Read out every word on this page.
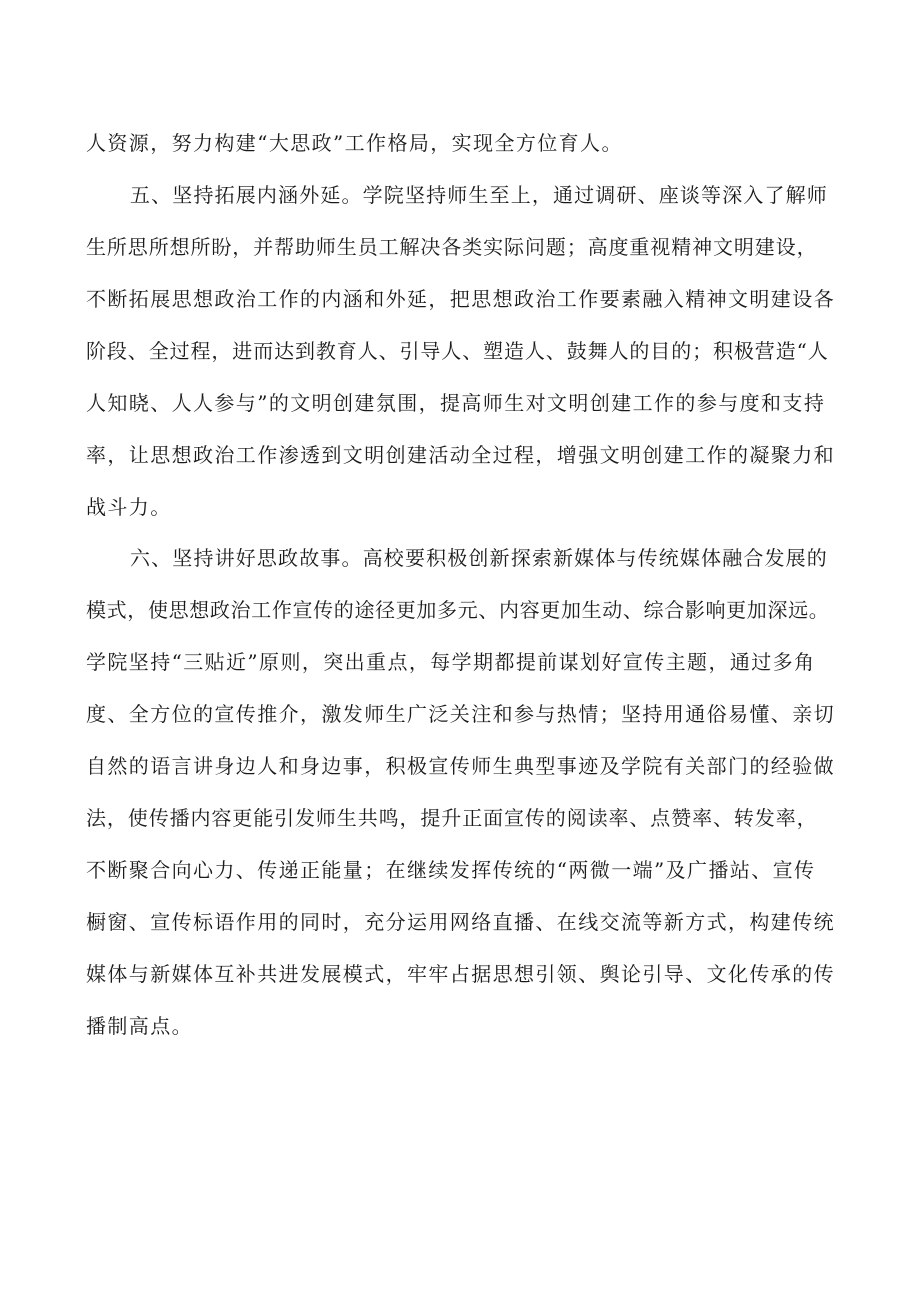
人资源，努力构建“大思政”工作格局，实现全方位育人。
五、坚持拓展内涵外延。学院坚持师生至上，通过调研、座谈等深入了解师
生所思所想所盼，并帮助师生员工解决各类实际问题；高度重视精神文明建设，
不断拓展思想政治工作的内涵和外延，把思想政治工作要素融入精神文明建设各
阶段、全过程，进而达到教育人、引导人、塑造人、鼓舞人的目的；积极营造“人
人知晓、人人参与”的文明创建氛围，提高师生对文明创建工作的参与度和支持
率，让思想政治工作渗透到文明创建活动全过程，增强文明创建工作的凝聚力和
战斗力。
六、坚持讲好思政故事。高校要积极创新探索新媒体与传统媒体融合发展的
模式，使思想政治工作宣传的途径更加多元、内容更加生动、综合影响更加深远。
学院坚持“三贴近”原则，突出重点，每学期都提前谋划好宣传主题，通过多角
度、全方位的宣传推介，激发师生广泛关注和参与热情；坚持用通俗易懂、亲切
自然的语言讲身边人和身边事，积极宣传师生典型事迹及学院有关部门的经验做
法，使传播内容更能引发师生共鸣，提升正面宣传的阅读率、点赞率、转发率，
不断聚合向心力、传递正能量；在继续发挥传统的“两微一端”及广播站、宣传
橱窗、宣传标语作用的同时，充分运用网络直播、在线交流等新方式，构建传统
媒体与新媒体互补共进发展模式，牢牢占据思想引领、舆论引导、文化传承的传
播制高点。
